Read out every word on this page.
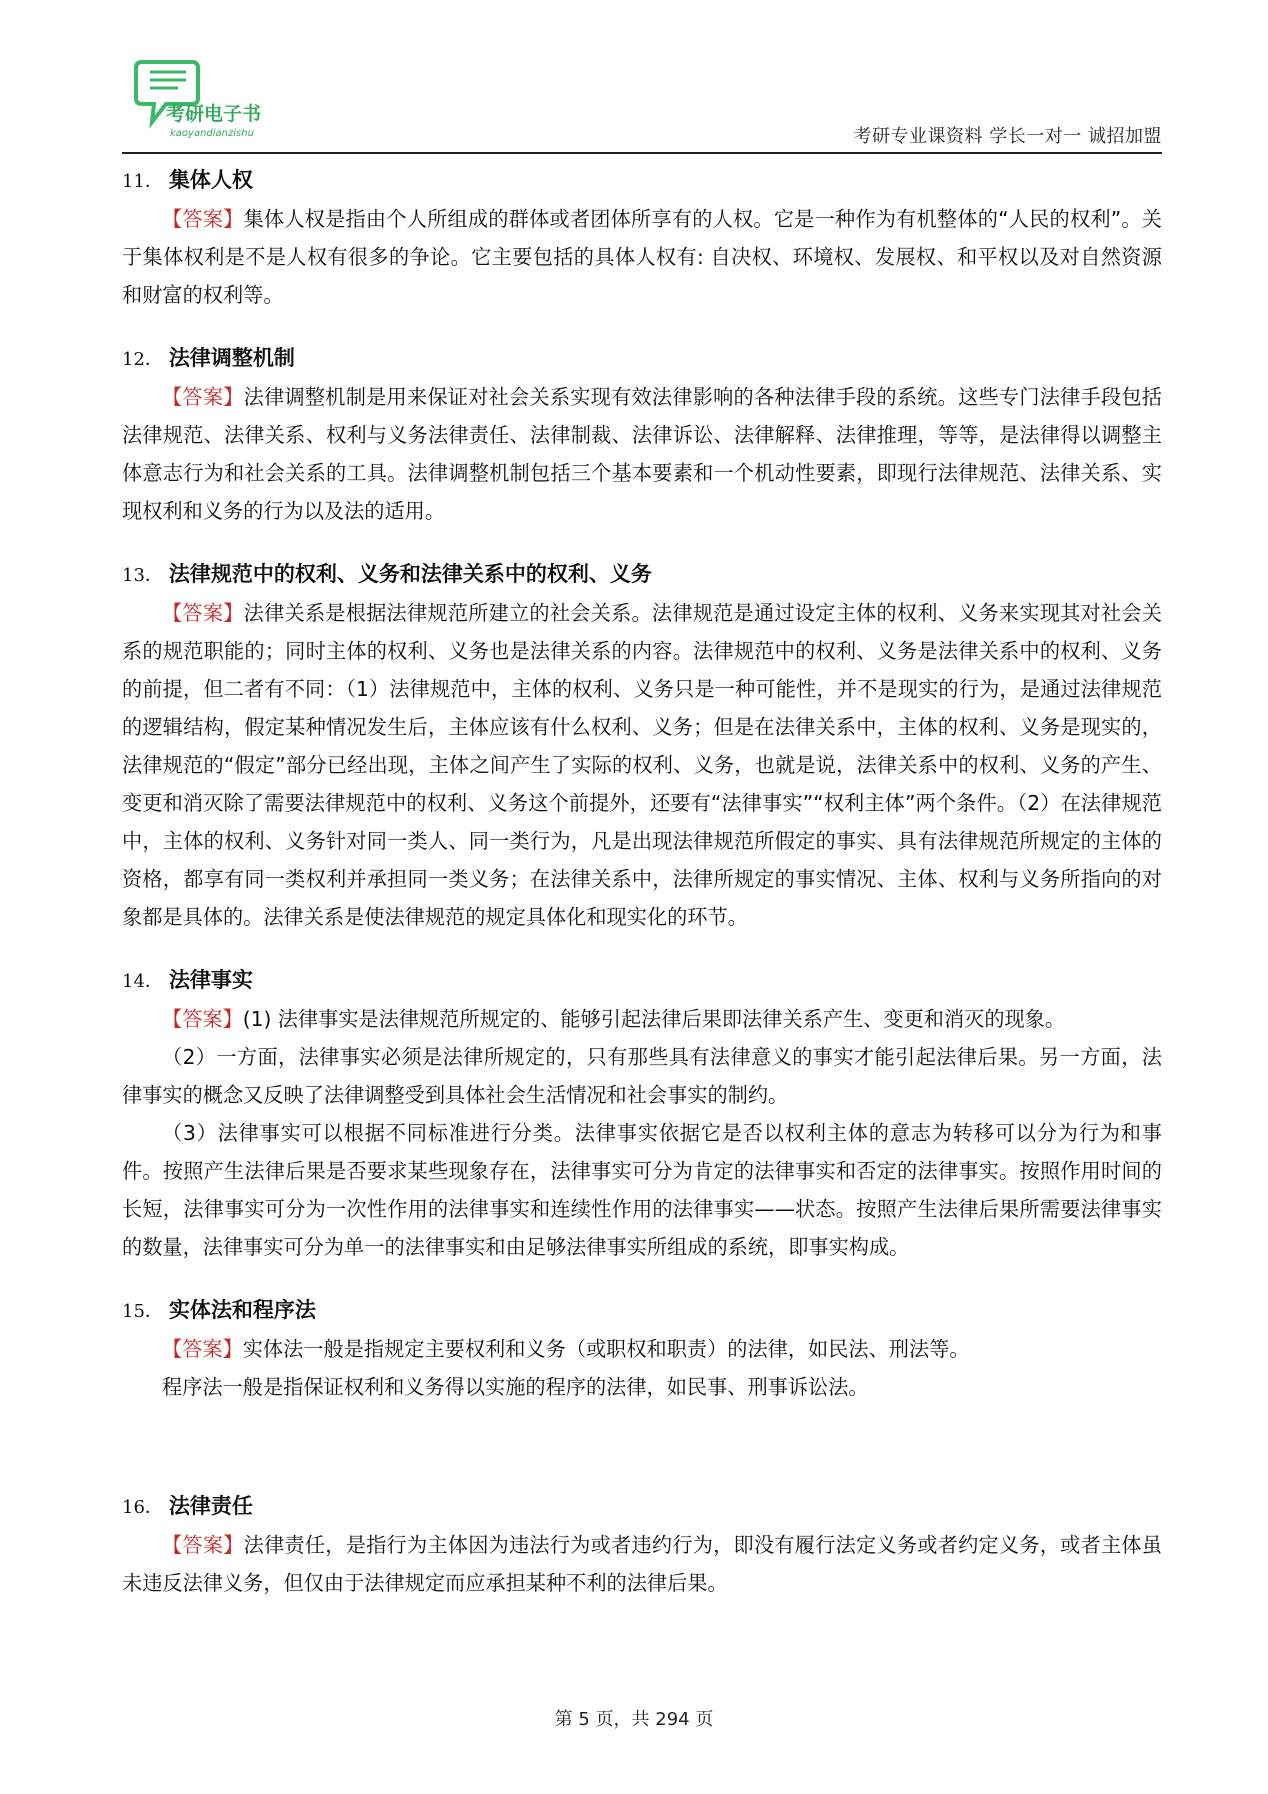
考研电子书
kaoyandianzishu	考研专业课资料 学长一对一 诚招加盟
11． 集体人权

【答案】集体人权是指由个人所组成的群体或者团体所享有的人权。它是一种作为有机整体的“人民的权利”。关于集体权利是不是人权有很多的争论。它主要包括的具体人权有: 自决权、环境权、发展权、和平权以及对自然资源和财富的权利等。

12． 法律调整机制

【答案】法律调整机制是用来保证对社会关系实现有效法律影响的各种法律手段的系统。这些专门法律手段包括法律规范、法律关系、权利与义务法律责任、法律制裁、法律诉讼、法律解释、法律推理，等等，是法律得以调整主体意志行为和社会关系的工具。法律调整机制包括三个基本要素和一个机动性要素，即现行法律规范、法律关系、实现权利和义务的行为以及法的适用。

13． 法律规范中的权利、义务和法律关系中的权利、义务

【答案】法律关系是根据法律规范所建立的社会关系。法律规范是通过设定主体的权利、义务来实现其对社会关系的规范职能的；同时主体的权利、义务也是法律关系的内容。法律规范中的权利、义务是法律关系中的权利、义务的前提，但二者有不同：（1）法律规范中，主体的权利、义务只是一种可能性，并不是现实的行为，是通过法律规范的逻辑结构，假定某种情况发生后，主体应该有什么权利、义务；但是在法律关系中，主体的权利、义务是现实的，法律规范的“假定”部分已经出现，主体之间产生了实际的权利、义务，也就是说，法律关系中的权利、义务的产生、变更和消灭除了需要法律规范中的权利、义务这个前提外，还要有“法律事实”“权利主体”两个条件。（2）在法律规范中，主体的权利、义务针对同一类人、同一类行为，凡是出现法律规范所假定的事实、具有法律规范所规定的主体的资格，都享有同一类权利并承担同一类义务；在法律关系中，法律所规定的事实情况、主体、权利与义务所指向的对象都是具体的。法律关系是使法律规范的规定具体化和现实化的环节。

14． 法律事实

【答案】(1) 法律事实是法律规范所规定的、能够引起法律后果即法律关系产生、变更和消灭的现象。

（2）一方面，法律事实必须是法律所规定的，只有那些具有法律意义的事实才能引起法律后果。另一方面，法律事实的概念又反映了法律调整受到具体社会生活情况和社会事实的制约。

（3）法律事实可以根据不同标准进行分类。法律事实依据它是否以权利主体的意志为转移可以分为行为和事件。按照产生法律后果是否要求某些现象存在，法律事实可分为肯定的法律事实和否定的法律事实。按照作用时间的长短，法律事实可分为一次性作用的法律事实和连续性作用的法律事实——状态。按照产生法律后果所需要法律事实的数量，法律事实可分为单一的法律事实和由足够法律事实所组成的系统，即事实构成。

15． 实体法和程序法

【答案】实体法一般是指规定主要权利和义务（或职权和职责）的法律，如民法、刑法等。

程序法一般是指保证权利和义务得以实施的程序的法律，如民事、刑事诉讼法。

16． 法律责任

【答案】法律责任，是指行为主体因为违法行为或者违约行为，即没有履行法定义务或者约定义务，或者主体虽未违反法律义务，但仅由于法律规定而应承担某种不利的法律后果。

第 5 页，共 294 页
